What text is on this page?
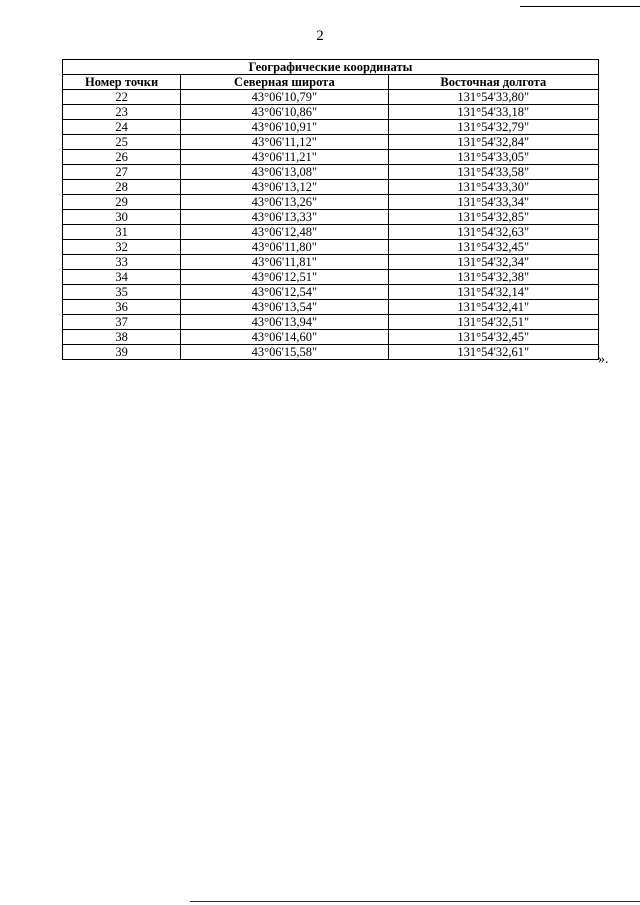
2
Географические координаты		
Номер точки	Северная широта	Восточная долгота
22	43°06'10,79"	131°54'33,80"
23	43°06'10,86"	131°54'33,18"
24	43°06'10,91"	131°54'32,79"
25	43°06'11,12"	131°54'32,84"
26	43°06'11,21"	131°54'33,05"
27	43°06'13,08"	131°54'33,58"
28	43°06'13,12"	131°54'33,30"
29	43°06'13,26"	131°54'33,34"
30	43°06'13,33"	131°54'32,85"
31	43°06'12,48"	131°54'32,63"
32	43°06'11,80"	131°54'32,45"
33	43°06'11,81"	131°54'32,34"
34	43°06'12,51"	131°54'32,38"
35	43°06'12,54"	131°54'32,14"
36	43°06'13,54"	131°54'32,41"
37	43°06'13,94"	131°54'32,51"
38	43°06'14,60"	131°54'32,45"
39	43°06'15,58"	131°54'32,61"	».
